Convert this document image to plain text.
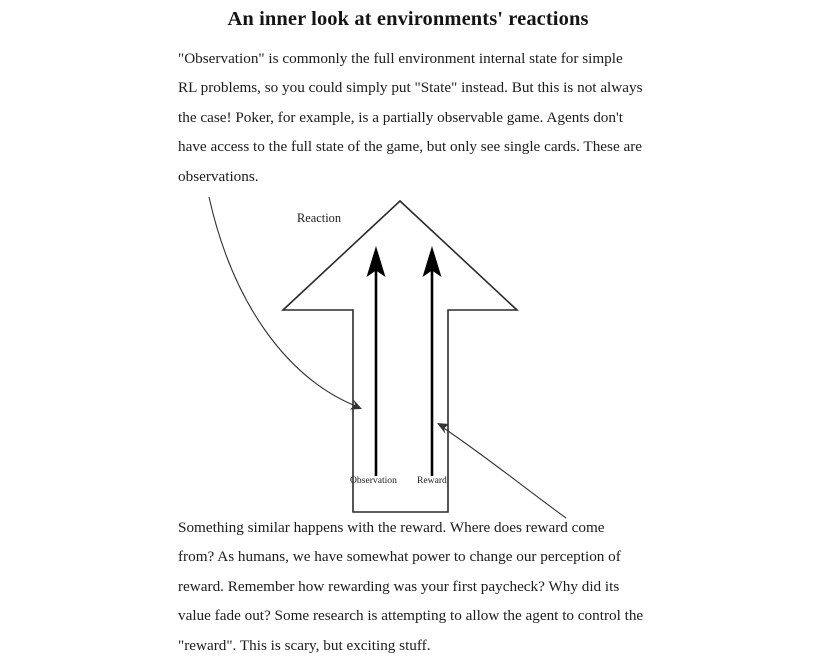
An inner look at environments' reactions
"Observation" is commonly the full environment internal state for simple RL problems, so you could simply put "State" instead. But this is not always the case! Poker, for example, is a partially observable game. Agents don't have access to the full state of the game, but only see single cards. These are observations.
Reaction
Observation Reward
Something similar happens with the reward. Where does reward come from? As humans, we have somewhat power to change our perception of reward. Remember how rewarding was your first paycheck? Why did its value fade out? Some research is attempting to allow the agent to control the "reward". This is scary, but exciting stuff.
